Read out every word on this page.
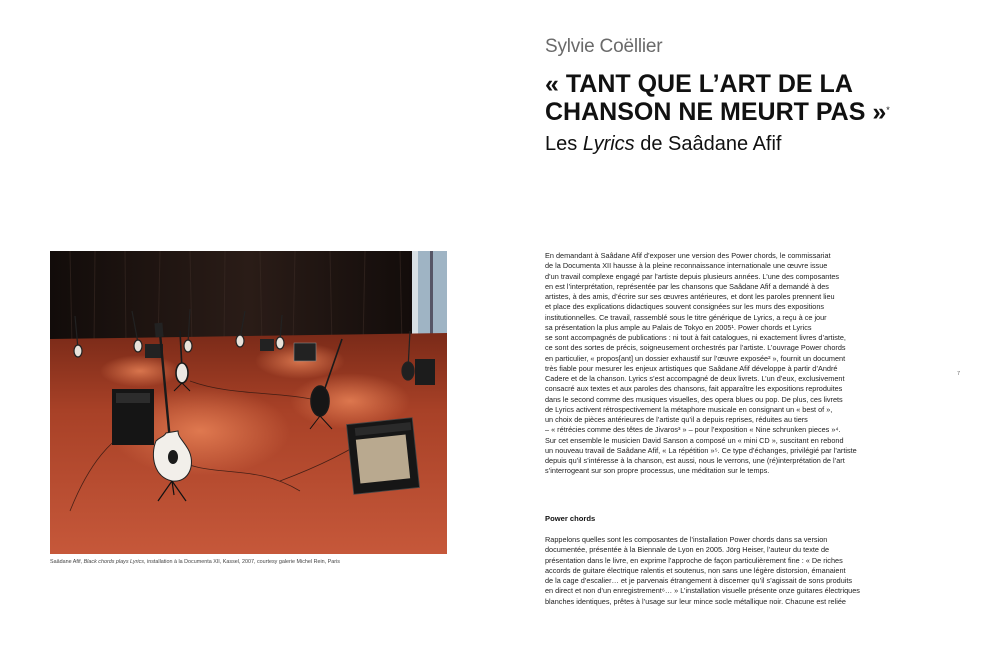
Sylvie Coëllier
« TANT QUE L’ART DE LA
CHANSON NE MEURT PAS »*
Les Lyrics de Saâdane Afif
Saâdane Afif, Black chords plays Lyrics, installation à la Documenta XII, Kassel, 2007, courtesy galerie Michel Rein, Paris
En demandant à Saâdane Afif d’exposer une version des Power chords, le commissariat
de la Documenta XII hausse à la pleine reconnaissance internationale une œuvre issue
d’un travail complexe engagé par l’artiste depuis plusieurs années. L’une des composantes
en est l’interprétation, représentée par les chansons que Saâdane Afif a demandé à des
artistes, à des amis, d’écrire sur ses œuvres antérieures, et dont les paroles prennent lieu
et place des explications didactiques souvent consignées sur les murs des expositions
institutionnelles. Ce travail, rassemblé sous le titre générique de Lyrics, a reçu à ce jour
sa présentation la plus ample au Palais de Tokyo en 2005¹. Power chords et Lyrics
se sont accompagnés de publications : ni tout à fait catalogues, ni exactement livres d’artiste,
ce sont des sortes de précis, soigneusement orchestrés par l’artiste. L’ouvrage Power chords
en particulier, « propos[ant] un dossier exhaustif sur l’œuvre exposée² », fournit un document
très fiable pour mesurer les enjeux artistiques que Saâdane Afif développe à partir d’André
Cadere et de la chanson. Lyrics s’est accompagné de deux livrets. L’un d’eux, exclusivement
consacré aux textes et aux paroles des chansons, fait apparaître les expositions reproduites
dans le second comme des musiques visuelles, des opera blues ou pop. De plus, ces livrets
de Lyrics activent rétrospectivement la métaphore musicale en consignant un « best of »,
un choix de pièces antérieures de l’artiste qu’il a depuis reprises, réduites au tiers
– « rétrécies comme des têtes de Jivaros³ » – pour l’exposition « Nine schrunken pieces »⁴.
Sur cet ensemble le musicien David Sanson a composé un « mini CD », suscitant en rebond
un nouveau travail de Saâdane Afif, « La répétition »⁵. Ce type d’échanges, privilégié par l’artiste
depuis qu’il s’intéresse à la chanson, est aussi, nous le verrons, une (ré)interprétation de l’art
s’interrogeant sur son propre processus, une méditation sur le temps.
7
Power chords
Rappelons quelles sont les composantes de l’installation Power chords dans sa version
documentée, présentée à la Biennale de Lyon en 2005. Jörg Heiser, l’auteur du texte de
présentation dans le livre, en exprime l’approche de façon particulièrement fine : « De riches
accords de guitare électrique ralentis et soutenus, non sans une légère distorsion, émanaient
de la cage d’escalier… et je parvenais étrangement à discerner qu’il s’agissait de sons produits
en direct et non d’un enregistrement⁶… » L’installation visuelle présente onze guitares électriques
blanches identiques, prêtes à l’usage sur leur mince socle métallique noir. Chacune est reliée
